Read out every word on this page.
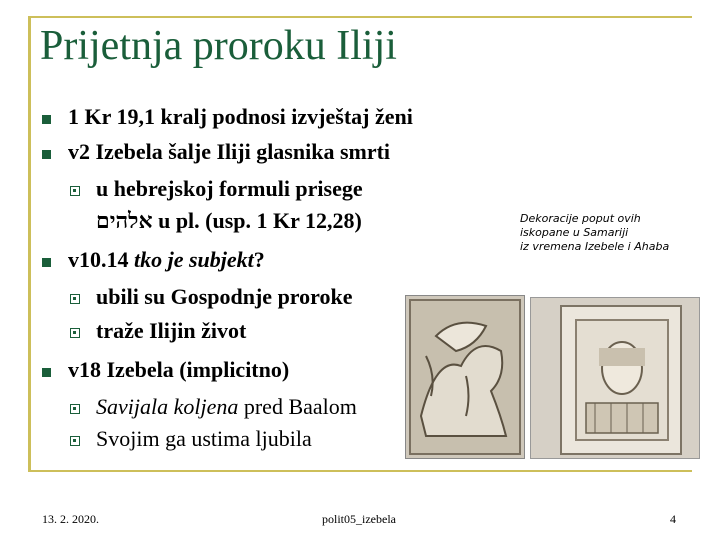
Prijetnja proroku Iliji
1 Kr 19,1 kralj podnosi izvještaj ženi
v2 Izebela šalje Iliji glasnika smrti
u hebrejskoj formuli prisege
אלהים u pl. (usp. 1 Kr 12,28)
v10.14 tko je subjekt?
ubili su Gospodnje proroke
traže Ilijin život
v18 Izebela (implicitno)
Savijala koljena pred Baalom
Svojim ga ustima ljubila
Dekoracije poput ovih
iskopane u Samariji
iz vremena Izebele i Ahaba
13. 2. 2020.	polit05_izebela	4
